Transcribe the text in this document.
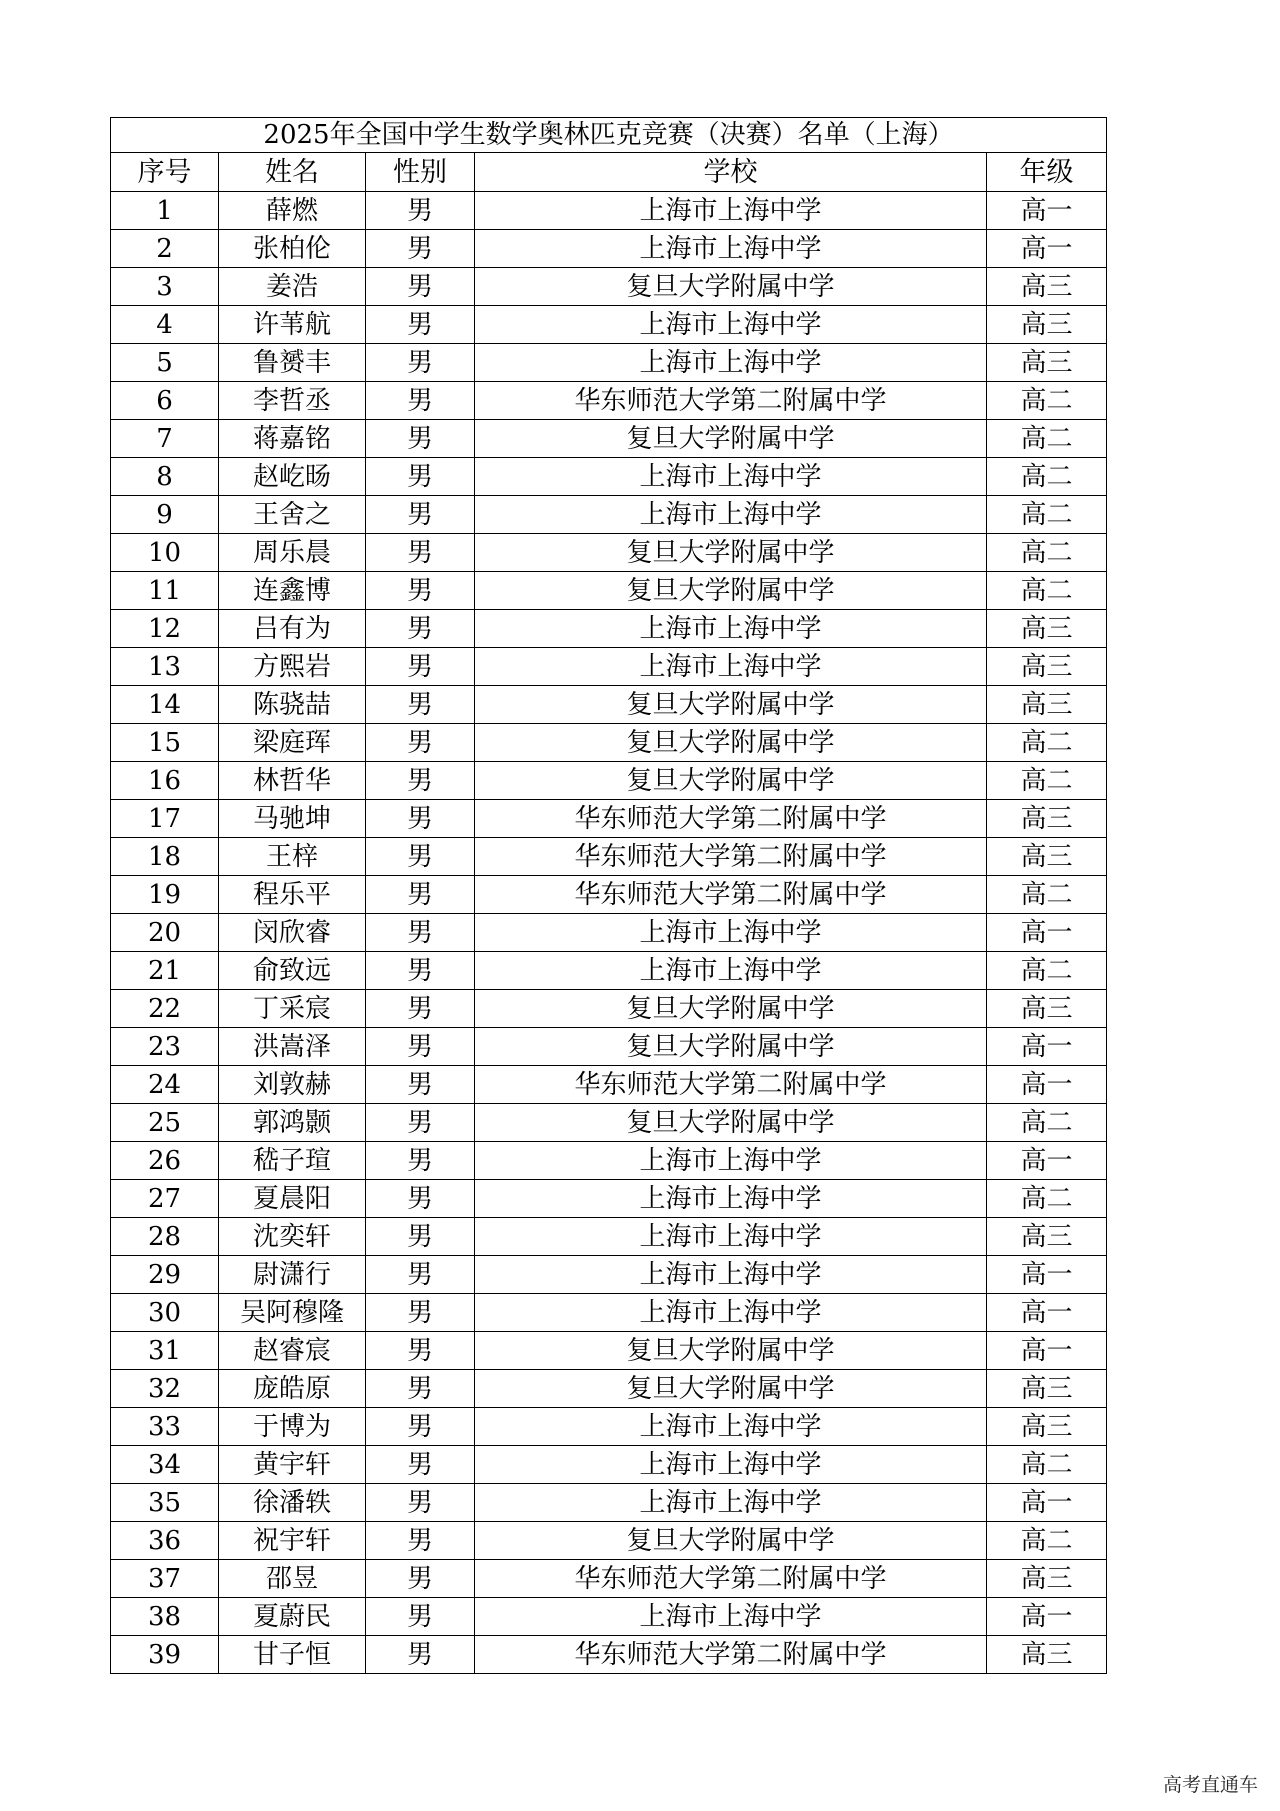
2025年全国中学生数学奥林匹克竞赛（决赛）名单（上海）				
序号	姓名	性别	学校	年级
1	薛燃	男	上海市上海中学	高一
2	张柏伦	男	上海市上海中学	高一
3	姜浩	男	复旦大学附属中学	高三
4	许苇航	男	上海市上海中学	高三
5	鲁赟丰	男	上海市上海中学	高三
6	李哲丞	男	华东师范大学第二附属中学	高二
7	蒋嘉铭	男	复旦大学附属中学	高二
8	赵屹旸	男	上海市上海中学	高二
9	王舍之	男	上海市上海中学	高二
10	周乐晨	男	复旦大学附属中学	高二
11	连鑫博	男	复旦大学附属中学	高二
12	吕有为	男	上海市上海中学	高三
13	方熙岩	男	上海市上海中学	高三
14	陈骁喆	男	复旦大学附属中学	高三
15	梁庭珲	男	复旦大学附属中学	高二
16	林哲华	男	复旦大学附属中学	高二
17	马驰坤	男	华东师范大学第二附属中学	高三
18	王梓	男	华东师范大学第二附属中学	高三
19	程乐平	男	华东师范大学第二附属中学	高二
20	闵欣睿	男	上海市上海中学	高一
21	俞致远	男	上海市上海中学	高二
22	丁采宸	男	复旦大学附属中学	高三
23	洪嵩泽	男	复旦大学附属中学	高一
24	刘敦赫	男	华东师范大学第二附属中学	高一
25	郭鸿颢	男	复旦大学附属中学	高二
26	嵇子瑄	男	上海市上海中学	高一
27	夏晨阳	男	上海市上海中学	高二
28	沈奕轩	男	上海市上海中学	高三
29	尉潇行	男	上海市上海中学	高一
30	吴阿穆隆	男	上海市上海中学	高一
31	赵睿宸	男	复旦大学附属中学	高一
32	庞皓原	男	复旦大学附属中学	高三
33	于博为	男	上海市上海中学	高三
34	黄宇轩	男	上海市上海中学	高二
35	徐潘轶	男	上海市上海中学	高一
36	祝宇轩	男	复旦大学附属中学	高二
37	邵昱	男	华东师范大学第二附属中学	高三
38	夏蔚民	男	上海市上海中学	高一
39	甘子恒	男	华东师范大学第二附属中学	高三
高考直通车
